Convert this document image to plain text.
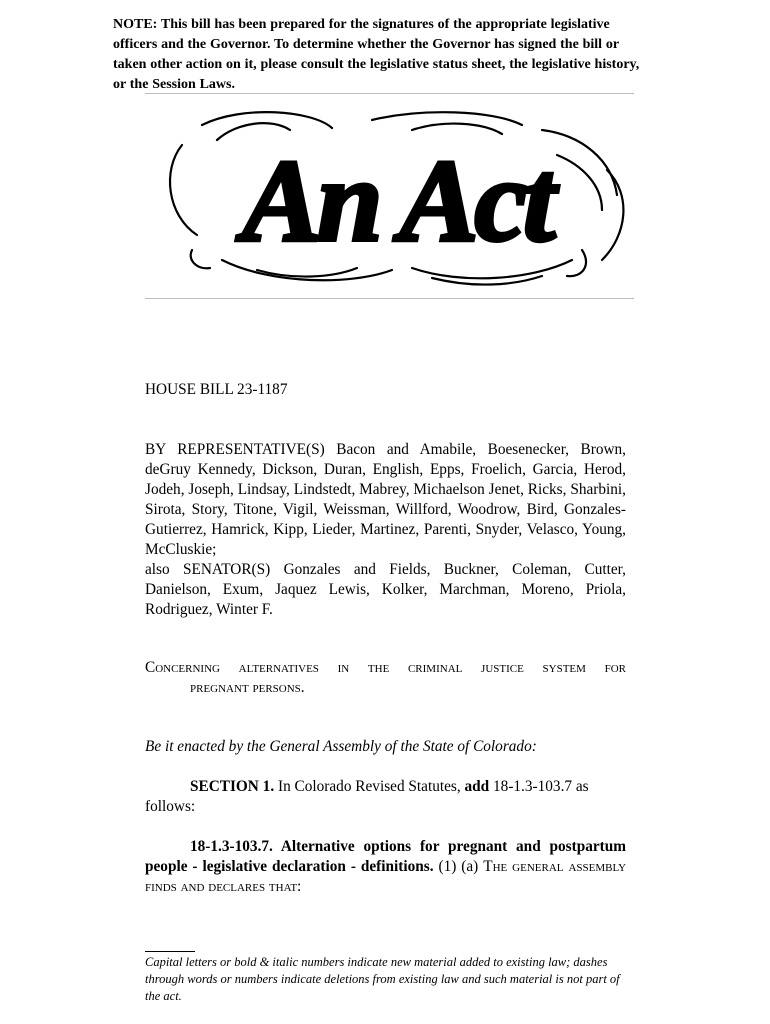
NOTE: This bill has been prepared for the signatures of the appropriate legislative officers and the Governor. To determine whether the Governor has signed the bill or taken other action on it, please consult the legislative status sheet, the legislative history, or the Session Laws.
An Act
HOUSE BILL 23-1187

BY REPRESENTATIVE(S) Bacon and Amabile, Boesenecker, Brown, deGruy Kennedy, Dickson, Duran, English, Epps, Froelich, Garcia, Herod, Jodeh, Joseph, Lindsay, Lindstedt, Mabrey, Michaelson Jenet, Ricks, Sharbini, Sirota, Story, Titone, Vigil, Weissman, Willford, Woodrow, Bird, Gonzales-Gutierrez, Hamrick, Kipp, Lieder, Martinez, Parenti, Snyder, Velasco, Young, McCluskie;

also SENATOR(S) Gonzales and Fields, Buckner, Coleman, Cutter, Danielson, Exum, Jaquez Lewis, Kolker, Marchman, Moreno, Priola, Rodriguez, Winter F.

Concerning alternatives in the criminal justice system for
pregnant persons.
Be it enacted by the General Assembly of the State of Colorado:
SECTION 1. In Colorado Revised Statutes, add 18-1.3-103.7 as follows:
18-1.3-103.7. Alternative options for pregnant and postpartum people - legislative declaration - definitions. (1) (a) The general assembly finds and declares that:
Capital letters or bold & italic numbers indicate new material added to existing law; dashes through words or numbers indicate deletions from existing law and such material is not part of the act.
